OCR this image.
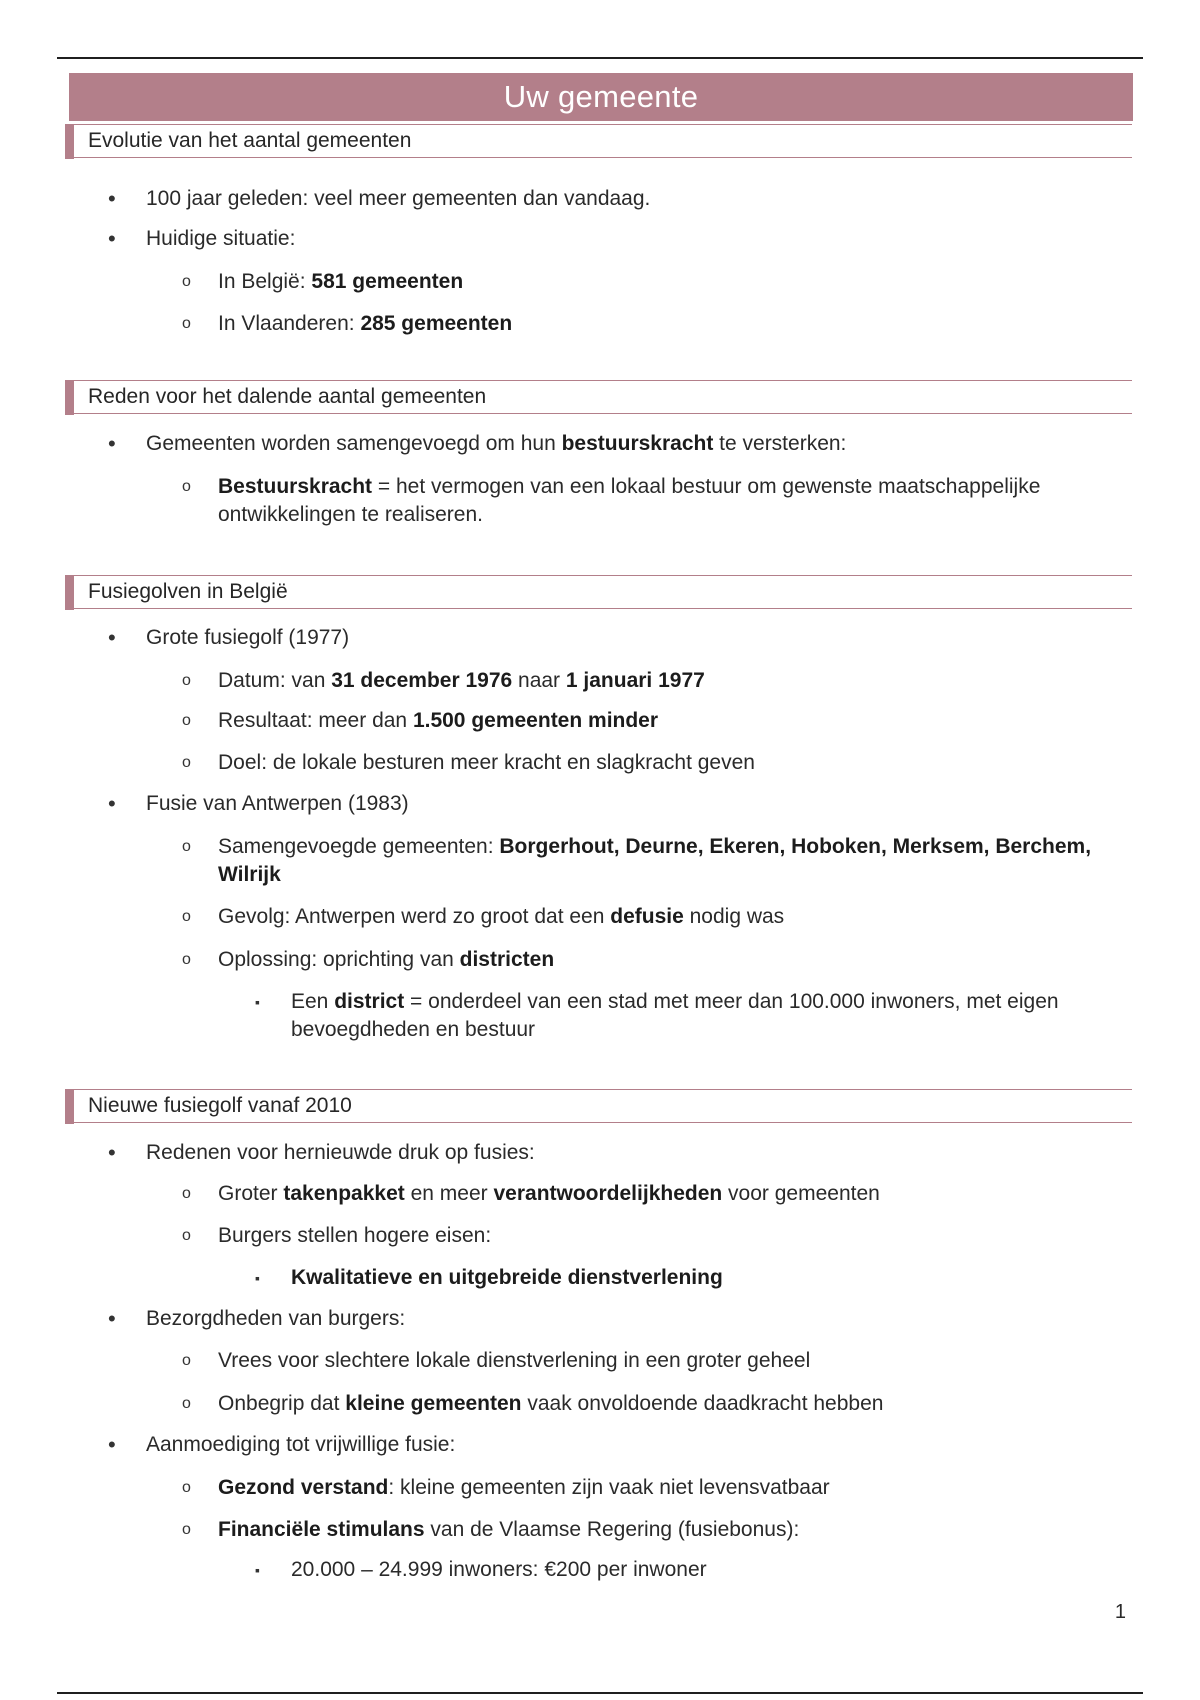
Uw gemeente
Evolutie van het aantal gemeenten
• 100 jaar geleden: veel meer gemeenten dan vandaag.
• Huidige situatie:
o In België: 581 gemeenten
o In Vlaanderen: 285 gemeenten
Reden voor het dalende aantal gemeenten
• Gemeenten worden samengevoegd om hun bestuurskracht te versterken:
o Bestuurskracht = het vermogen van een lokaal bestuur om gewenste maatschappelijke ontwikkelingen te realiseren.
Fusiegolven in België
• Grote fusiegolf (1977)
o Datum: van 31 december 1976 naar 1 januari 1977
o Resultaat: meer dan 1.500 gemeenten minder
o Doel: de lokale besturen meer kracht en slagkracht geven
• Fusie van Antwerpen (1983)
o Samengevoegde gemeenten: Borgerhout, Deurne, Ekeren, Hoboken, Merksem, Berchem, Wilrijk
o Gevolg: Antwerpen werd zo groot dat een defusie nodig was
o Oplossing: oprichting van districten
▪ Een district = onderdeel van een stad met meer dan 100.000 inwoners, met eigen bevoegdheden en bestuur
Nieuwe fusiegolf vanaf 2010
• Redenen voor hernieuwde druk op fusies:
o Groter takenpakket en meer verantwoordelijkheden voor gemeenten
o Burgers stellen hogere eisen:
▪ Kwalitatieve en uitgebreide dienstverlening
• Bezorgdheden van burgers:
o Vrees voor slechtere lokale dienstverlening in een groter geheel
o Onbegrip dat kleine gemeenten vaak onvoldoende daadkracht hebben
• Aanmoediging tot vrijwillige fusie:
o Gezond verstand: kleine gemeenten zijn vaak niet levensvatbaar
o Financiële stimulans van de Vlaamse Regering (fusiebonus):
▪ 20.000 – 24.999 inwoners: €200 per inwoner
1
